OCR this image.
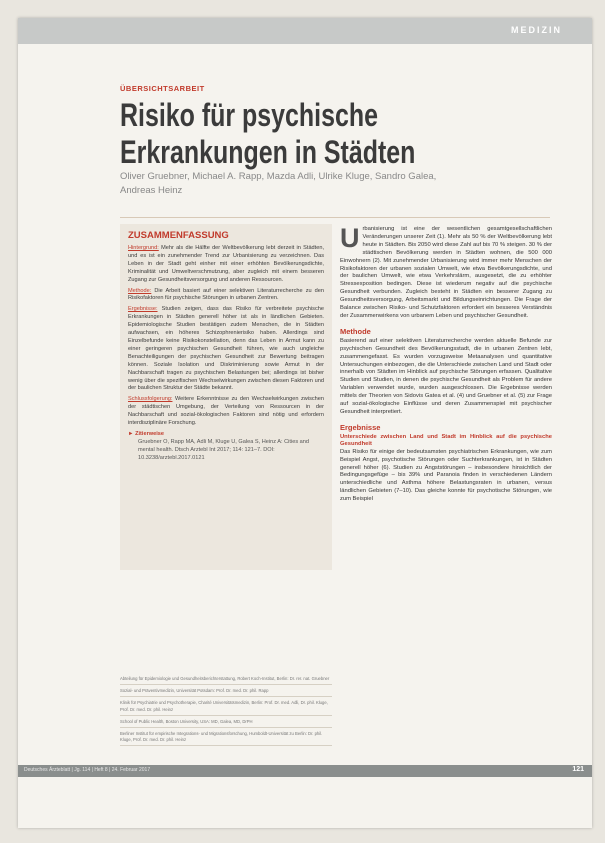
MEDIZIN
ÜBERSICHTSARBEIT
Risiko für psychische Erkrankungen in Städten
Oliver Gruebner, Michael A. Rapp, Mazda Adli, Ulrike Kluge, Sandro Galea, Andreas Heinz
ZUSAMMENFASSUNG

Hintergrund: Mehr als die Hälfte der Weltbevölkerung lebt derzeit in Städten, und es ist ein zunehmender Trend zur Urbanisierung zu verzeichnen. Das Leben in der Stadt geht einher mit einer erhöhten Bevölkerungsdichte, Kriminalität und Umweltverschmutzung, aber zugleich mit einem besseren Zugang zur Gesundheitsversorgung und anderen Ressourcen.

Methode: Die Arbeit basiert auf einer selektiven Literaturrecherche zu den Risikofaktoren für psychische Störungen in urbanen Zentren.

Ergebnisse: Studien zeigen, dass das Risiko für verbreitete psychische Erkrankungen in Städten generell höher ist als in ländlichen Gebieten. Epidemiologische Studien bestätigen zudem Menschen, die in Städten aufwachsen, ein höheres Schizophrenierisiko haben. Allerdings sind Einzelbefunde keine Risikokonstellation, denn das Leben in Armut kann zu einer geringeren psychischen Gesundheit führen, wie auch ungleiche Benachteiligungen der psychischen Gesundheit zur Bewertung beitragen können. Soziale Isolation und Diskriminierung sowie Armut in der Nachbarschaft tragen zu psychischen Belastungen bei; allerdings ist bisher wenig über die spezifischen Wechselwirkungen zwischen diesen Faktoren und der baulichen Struktur der Städte bekannt.

Schlussfolgerung: Weitere Erkenntnisse zu den Wechselwirkungen zwischen der städtischen Umgebung, der Verteilung von Ressourcen in der Nachbarschaft und sozial-ökologischen Faktoren sind nötig und erfordern interdisziplinäre Forschung.

► Zitierweise
Gruebner O, Rapp MA, Adli M, Kluge U, Galea S, Heinz A: Cities and mental health. Dtsch Arztebl Int 2017; 114: 121–7. DOI: 10.3238/arztebl.2017.0121
Abteilung für Epidemiologie und Gesundheitsberichterstattung, Robert Koch-Institut, Berlin: Dr. rer. nat. Gruebner
Sozial- und Präventivmedizin, Universität Potsdam: Prof. Dr. med. Dr. phil. Rapp
Klinik für Psychiatrie und Psychotherapie, Charité Universitätsmedizin, Berlin: Prof. Dr. med. Adli, Dr. phil. Kluge, Prof. Dr. med. Dr. phil. Heinz
School of Public Health, Boston University, USA: MD, Galea, MD, DrPH
Berliner Institut für empirische Integrations- und Migrationsforschung, Humboldt-Universität zu Berlin: Dr. phil. Kluge, Prof. Dr. med. Dr. phil. Heinz

Urbanisierung ist eine der wesentlichen gesamtgesellschaftlichen Veränderungen unserer Zeit (1). Mehr als 50 % der Weltbevölkerung lebt heute in Städten. Bis 2050 wird diese Zahl auf bis 70 % steigen. 30 % der städtischen Bevölkerung werden in Städten wohnen, die 500 000 Einwohnern (2). Mit zunehmender Urbanisierung wird immer mehr Menschen der Risikofaktoren der urbanen sozialen Umwelt, wie etwa Bevölkerungsdichte, und der baulichen Umwelt, wie etwa Verkehrslärm, ausgesetzt, die zu erhöhter Stressexposition bedingen. Diese ist wiederum negativ auf die psychische Gesundheit verbunden. Zugleich besteht in Städten ein besserer Zugang zu Gesundheitsversorgung, Arbeitsmarkt und Bildungseinrichtungen. Die Frage der Balance zwischen Risiko- und Schutzfaktoren erfordert ein besseres Verständnis der Zusammenwirkens von urbanem Leben und psychischer Gesundheit.

Methode

Basierend auf einer selektiven Literaturrecherche werden aktuelle Befunde zur psychischen Gesundheit des Bevölkerungsstadt, die in urbanen Zentren lebt, zusammengefasst. Es wurden vorzugsweise Metaanalysen und quantitative Untersuchungen einbezogen, die die Unterschiede zwischen Land und Stadt oder innerhalb von Städten im Hinblick auf psychische Störungen erfassen. Qualitative Studien und Studien, in denen die psychische Gesundheit als Problem für andere Variablen verwendet wurde, wurden ausgeschlossen. Die Ergebnisse werden mittels der Theorien von Sidovis Gatea et al. (4) und Gruebner et al. (5) zur Frage auf sozial-ökologische Einflüsse und deren Zusammenspiel mit psychischer Gesundheit interpretiert.

Ergebnisse
Unterschiede zwischen Land und Stadt im Hinblick auf die psychische Gesundheit

Das Risiko für einige der bedeutsamsten psychiatrischen Erkrankungen, wie zum Beispiel Angst, psychotische Störungen oder Suchterkrankungen, ist in Städten generell höher (6). Studien zu Angststörungen – insbesondere hinsichtlich der Bedingungsgefüge – bis 39% und Paranoia finden in verschiedenen Ländern unterschiedliche und Asthma höhere Belastungsraten in urbanen, versus ländlichen Gebieten (7–10). Das gleiche konnte für psychotische Störungen, wie zum Beispiel

Deutsches Ärzteblatt | Jg. 114 | Heft 8 | 24. Februar 2017	121
